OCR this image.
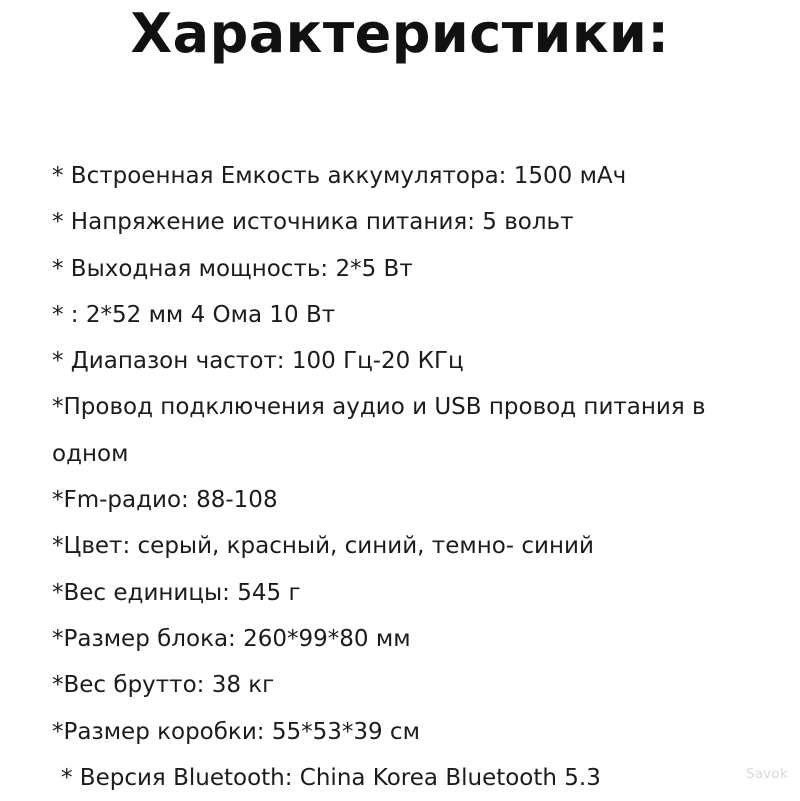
Характеристики:
* Встроенная Емкость аккумулятора: 1500 мАч
* Напряжение источника питания: 5 вольт
* Выходная мощность: 2*5 Вт
* : 2*52 мм 4 Ома 10 Вт
* Диапазон частот: 100 Гц-20 КГц
*Провод подключения аудио и USB провод питания в
одном
*Fm-радио: 88-108
*Цвет: серый, красный, синий, темно- синий
*Вес единицы: 545 г
*Размер блока: 260*99*80 мм
*Вес брутто: 38 кг
*Размер коробки: 55*53*39 см
* Версия Bluetooth: China Korea Bluetooth 5.3	Savok
